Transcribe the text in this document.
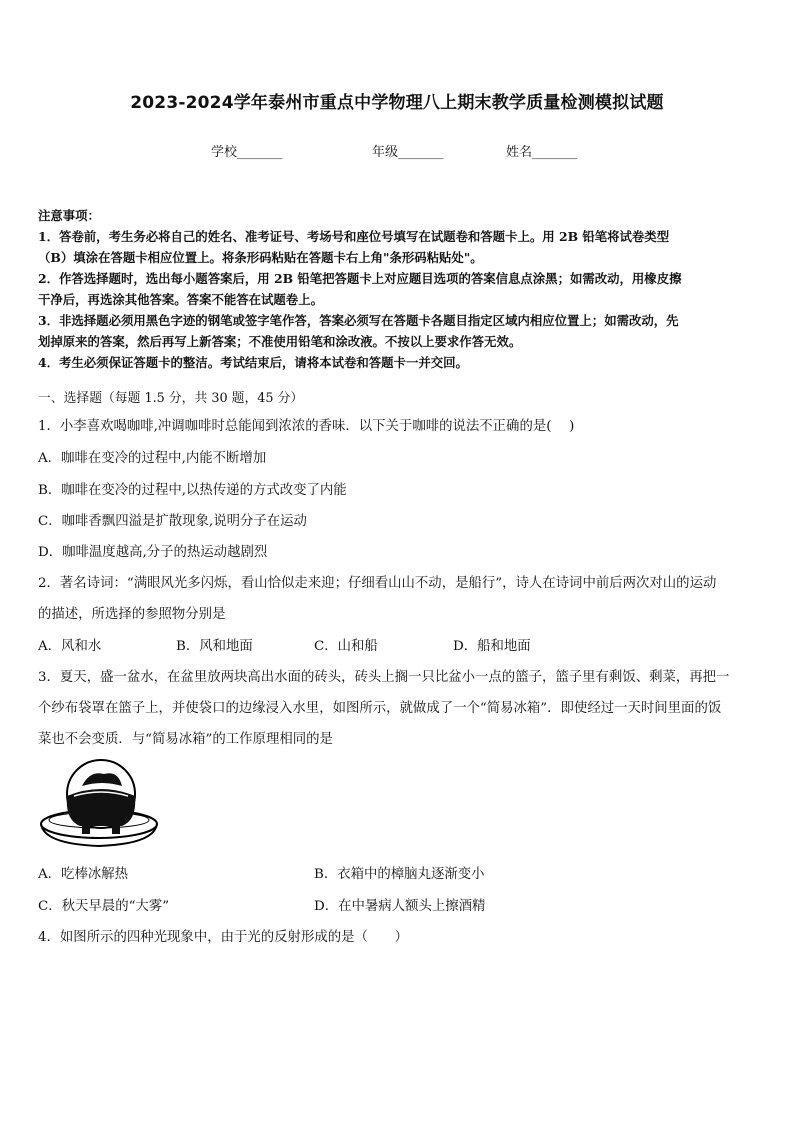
2023-2024学年泰州市重点中学物理八上期末教学质量检测模拟试题
学校_______	年级_______	姓名_______
注意事项：
1．答卷前，考生务必将自己的姓名、准考证号、考场号和座位号填写在试题卷和答题卡上。用 2B 铅笔将试卷类型
（B）填涂在答题卡相应位置上。将条形码粘贴在答题卡右上角"条形码粘贴处"。
2．作答选择题时，选出每小题答案后，用 2B 铅笔把答题卡上对应题目选项的答案信息点涂黑；如需改动，用橡皮擦
干净后，再选涂其他答案。答案不能答在试题卷上。
3．非选择题必须用黑色字迹的钢笔或签字笔作答，答案必须写在答题卡各题目指定区域内相应位置上；如需改动，先
划掉原来的答案，然后再写上新答案；不准使用铅笔和涂改液。不按以上要求作答无效。
4．考生必须保证答题卡的整洁。考试结束后，请将本试卷和答题卡一并交回。
一、选择题（每题 1.5 分，共 30 题，45 分）
1．小李喜欢喝咖啡,冲调咖啡时总能闻到浓浓的香味．以下关于咖啡的说法不正确的是(　 )
A．咖啡在变冷的过程中,内能不断增加
B．咖啡在变冷的过程中,以热传递的方式改变了内能
C．咖啡香飘四溢是扩散现象,说明分子在运动
D．咖啡温度越高,分子的热运动越剧烈
2．著名诗词：“满眼风光多闪烁，看山恰似走来迎；仔细看山山不动，是船行”，诗人在诗词中前后两次对山的运动
的描述，所选择的参照物分别是
A．风和水	B．风和地面	C．山和船	D．船和地面
3．夏天，盛一盆水，在盆里放两块高出水面的砖头，砖头上搁一只比盆小一点的篮子，篮子里有剩饭、剩菜，再把一
个纱布袋罩在篮子上，并使袋口的边缘浸入水里，如图所示，就做成了一个“简易冰箱”．即使经过一天时间里面的饭
菜也不会变质．与“简易冰箱”的工作原理相同的是
A．吃棒冰解热	B．衣箱中的樟脑丸逐渐变小
C．秋天早晨的“大雾”	D．在中暑病人额头上擦酒精
4．如图所示的四种光现象中，由于光的反射形成的是（　　）
